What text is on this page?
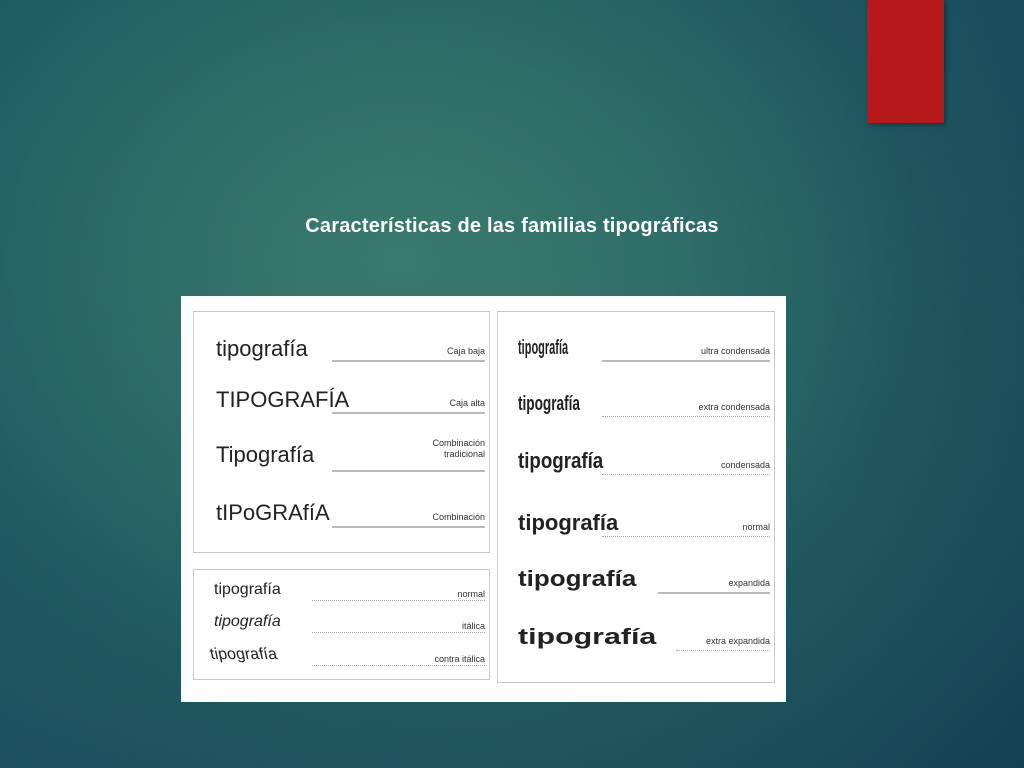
Características de las familias tipográficas
tipografía	Caja baja
TIPOGRAFÍA	Caja alta
Tipografía	Combinación tradicional
tIPoGRAfíA	Combinación
tipografía	normal
tipografía	itálica
tipografía	contra itálica
tipografía	ultra condensada
tipografía	extra condensada
tipografía	condensada
tipografía	normal
tipografía	expandida
tipografía	extra expandida
